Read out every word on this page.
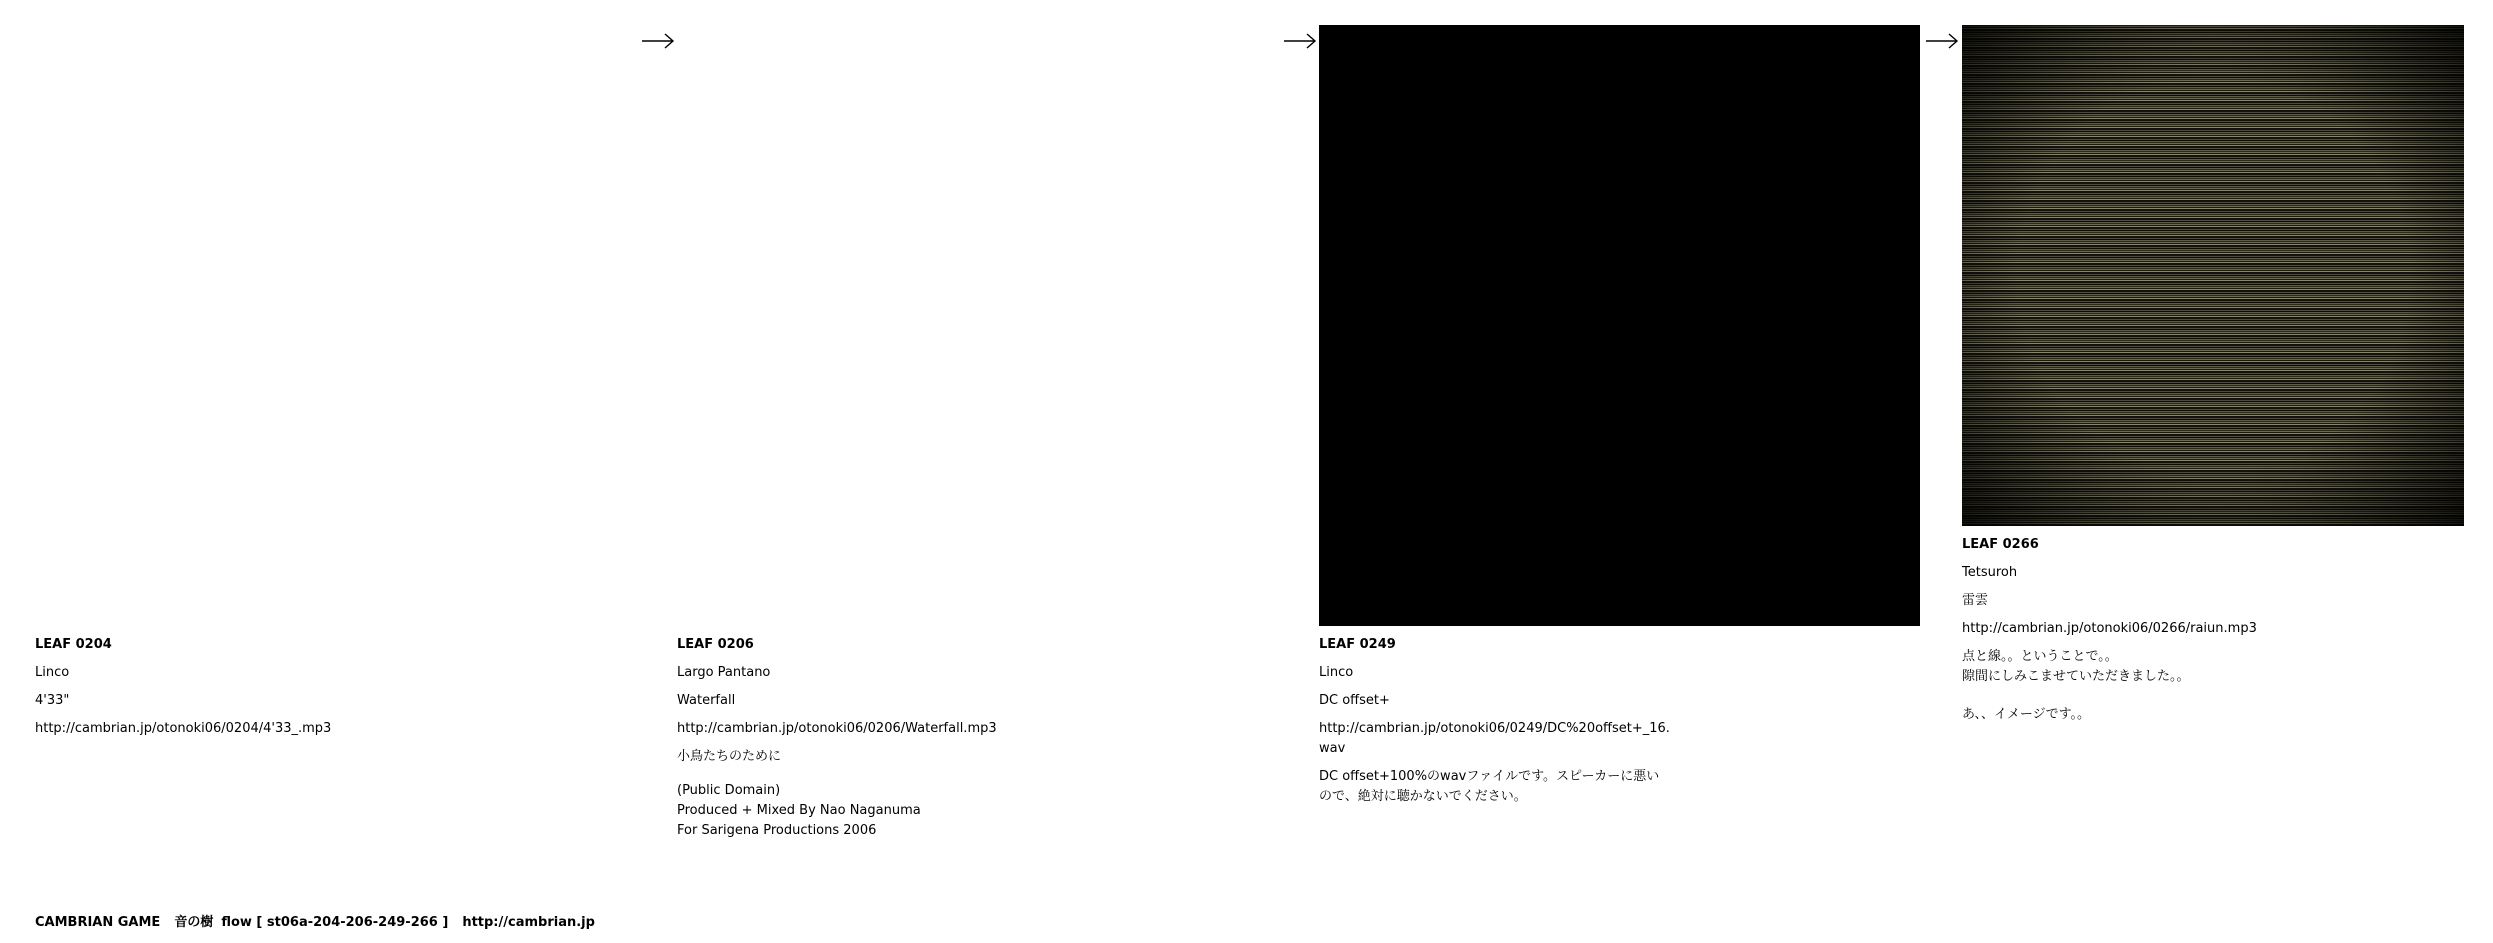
LEAF 0204

Linco

4'33"

http://cambrian.jp/otonoki06/0204/4'33_.mp3

LEAF 0206

Largo Pantano

Waterfall

http://cambrian.jp/otonoki06/0206/Waterfall.mp3

小鳥たちのために

(Public Domain)
Produced + Mixed By Nao Naganuma
For Sarigena Productions 2006

LEAF 0249

Linco

DC offset+

http://cambrian.jp/otonoki06/0249/DC%20offset+_16.
wav

DC offset+100%のwavファイルです。スピーカーに悪い
ので、絶対に聴かないでください。

LEAF 0266

Tetsuroh

雷雲

http://cambrian.jp/otonoki06/0266/raiun.mp3

点と線。。ということで。。
隙間にしみこませていただきました。。

あ、、イメージです。。

CAMBRIAN GAME 音の樹 flow [ st06a-204-206-249-266 ] http://cambrian.jp
